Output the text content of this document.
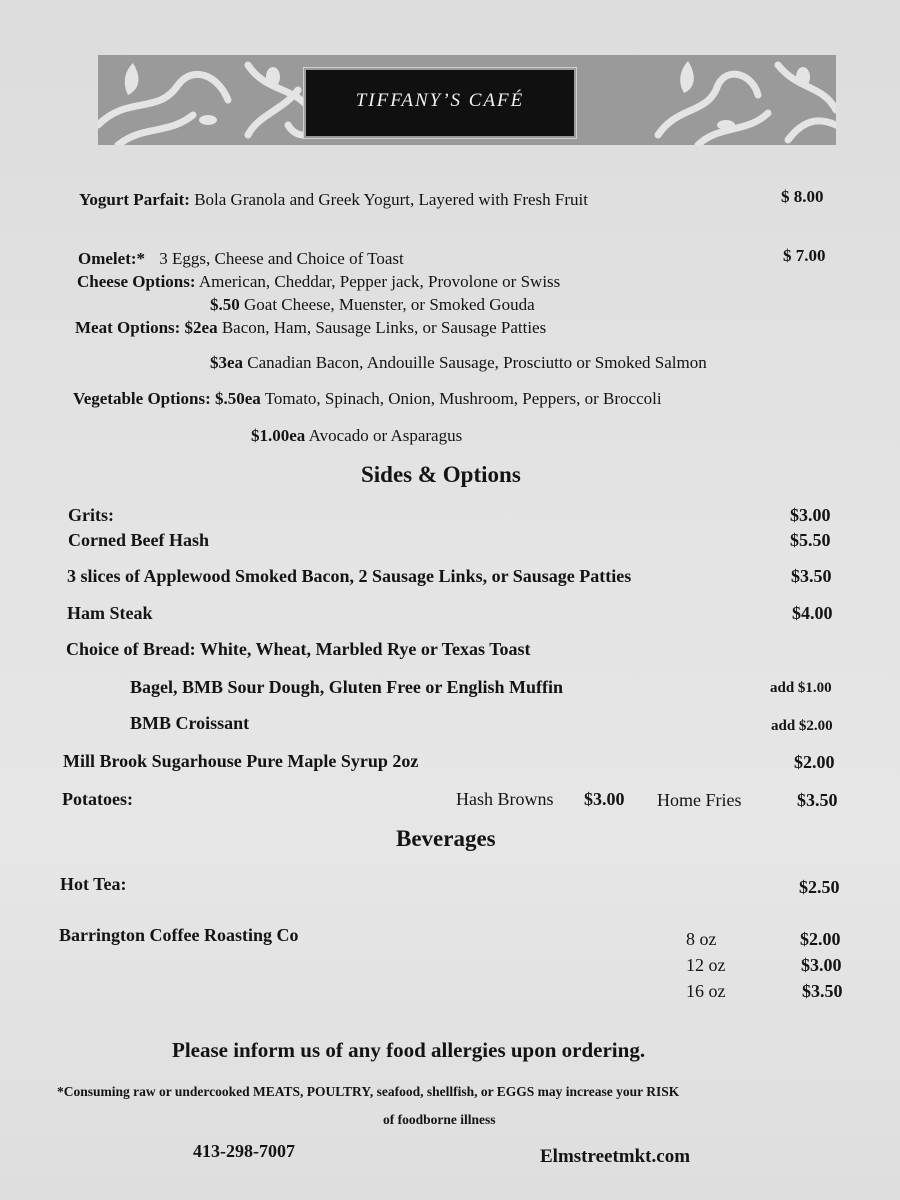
TIFFANY’S CAFÉ
Yogurt Parfait: Bola Granola and Greek Yogurt, Layered with Fresh Fruit	$ 8.00
Omelet:* 3 Eggs, Cheese and Choice of Toast	$ 7.00
Cheese Options: American, Cheddar, Pepper jack, Provolone or Swiss
$.50 Goat Cheese, Muenster, or Smoked Gouda
Meat Options: $2ea Bacon, Ham, Sausage Links, or Sausage Patties
$3ea Canadian Bacon, Andouille Sausage, Prosciutto or Smoked Salmon
Vegetable Options: $.50ea Tomato, Spinach, Onion, Mushroom, Peppers, or Broccoli
$1.00ea Avocado or Asparagus
Sides & Options
Grits:	$3.00
Corned Beef Hash	$5.50
3 slices of Applewood Smoked Bacon, 2 Sausage Links, or Sausage Patties	$3.50
Ham Steak	$4.00
Choice of Bread: White, Wheat, Marbled Rye or Texas Toast
Bagel, BMB Sour Dough, Gluten Free or English Muffin	add $1.00
BMB Croissant	add $2.00
Mill Brook Sugarhouse Pure Maple Syrup 2oz	$2.00
Potatoes:	Hash Browns $3.00 Home Fries	$3.50
Beverages
Hot Tea:	$2.50
Barrington Coffee Roasting Co	8 oz	$2.00
12 oz	$3.00
16 oz	$3.50
Please inform us of any food allergies upon ordering.
*Consuming raw or undercooked MEATS, POULTRY, seafood, shellfish, or EGGS may increase your RISK
of foodborne illness
413-298-7007	Elmstreetmkt.com
